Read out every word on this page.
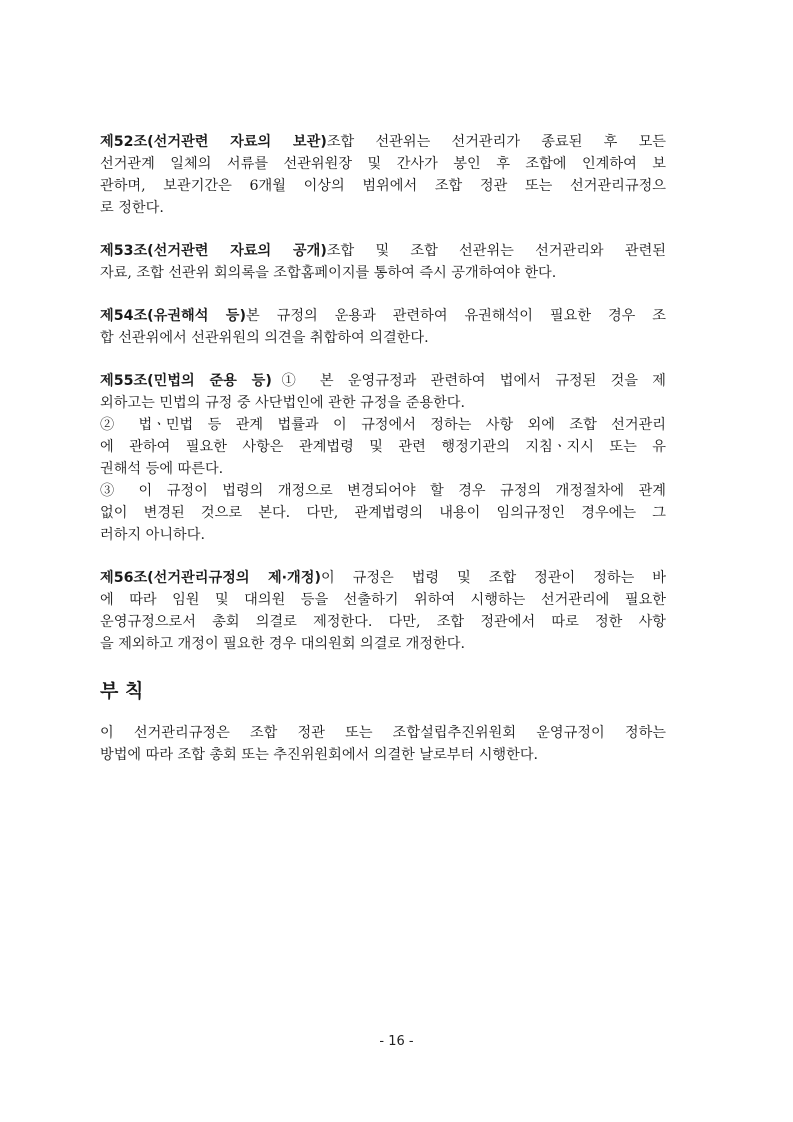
제52조(선거관련 자료의 보관)조합 선관위는 선거관리가 종료된 후 모든
선거관계 일체의 서류를 선관위원장 및 간사가 봉인 후 조합에 인계하여 보
관하며, 보관기간은 6개월 이상의 범위에서 조합 정관 또는 선거관리규정으
로 정한다.
제53조(선거관련 자료의 공개)조합 및 조합 선관위는 선거관리와 관련된
자료, 조합 선관위 회의록을 조합홈페이지를 통하여 즉시 공개하여야 한다.
제54조(유권해석 등)본 규정의 운용과 관련하여 유권해석이 필요한 경우 조
합 선관위에서 선관위원의 의견을 취합하여 의결한다.
제55조(민법의 준용 등)① 본 운영규정과 관련하여 법에서 규정된 것을 제
외하고는 민법의 규정 중 사단법인에 관한 규정을 준용한다.
② 법ㆍ민법 등 관계 법률과 이 규정에서 정하는 사항 외에 조합 선거관리
에 관하여 필요한 사항은 관계법령 및 관련 행정기관의 지침ㆍ지시 또는 유
권해석 등에 따른다.
③ 이 규정이 법령의 개정으로 변경되어야 할 경우 규정의 개정절차에 관계
없이 변경된 것으로 본다. 다만, 관계법령의 내용이 임의규정인 경우에는 그
러하지 아니하다.
제56조(선거관리규정의 제·개정)이 규정은 법령 및 조합 정관이 정하는 바
에 따라 임원 및 대의원 등을 선출하기 위하여 시행하는 선거관리에 필요한
운영규정으로서 총회 의결로 제정한다. 다만, 조합 정관에서 따로 정한 사항
을 제외하고 개정이 필요한 경우 대의원회 의결로 개정한다.
부 칙
이 선거관리규정은 조합 정관 또는 조합설립추진위원회 운영규정이 정하는
방법에 따라 조합 총회 또는 추진위원회에서 의결한 날로부터 시행한다.
- 16 -
